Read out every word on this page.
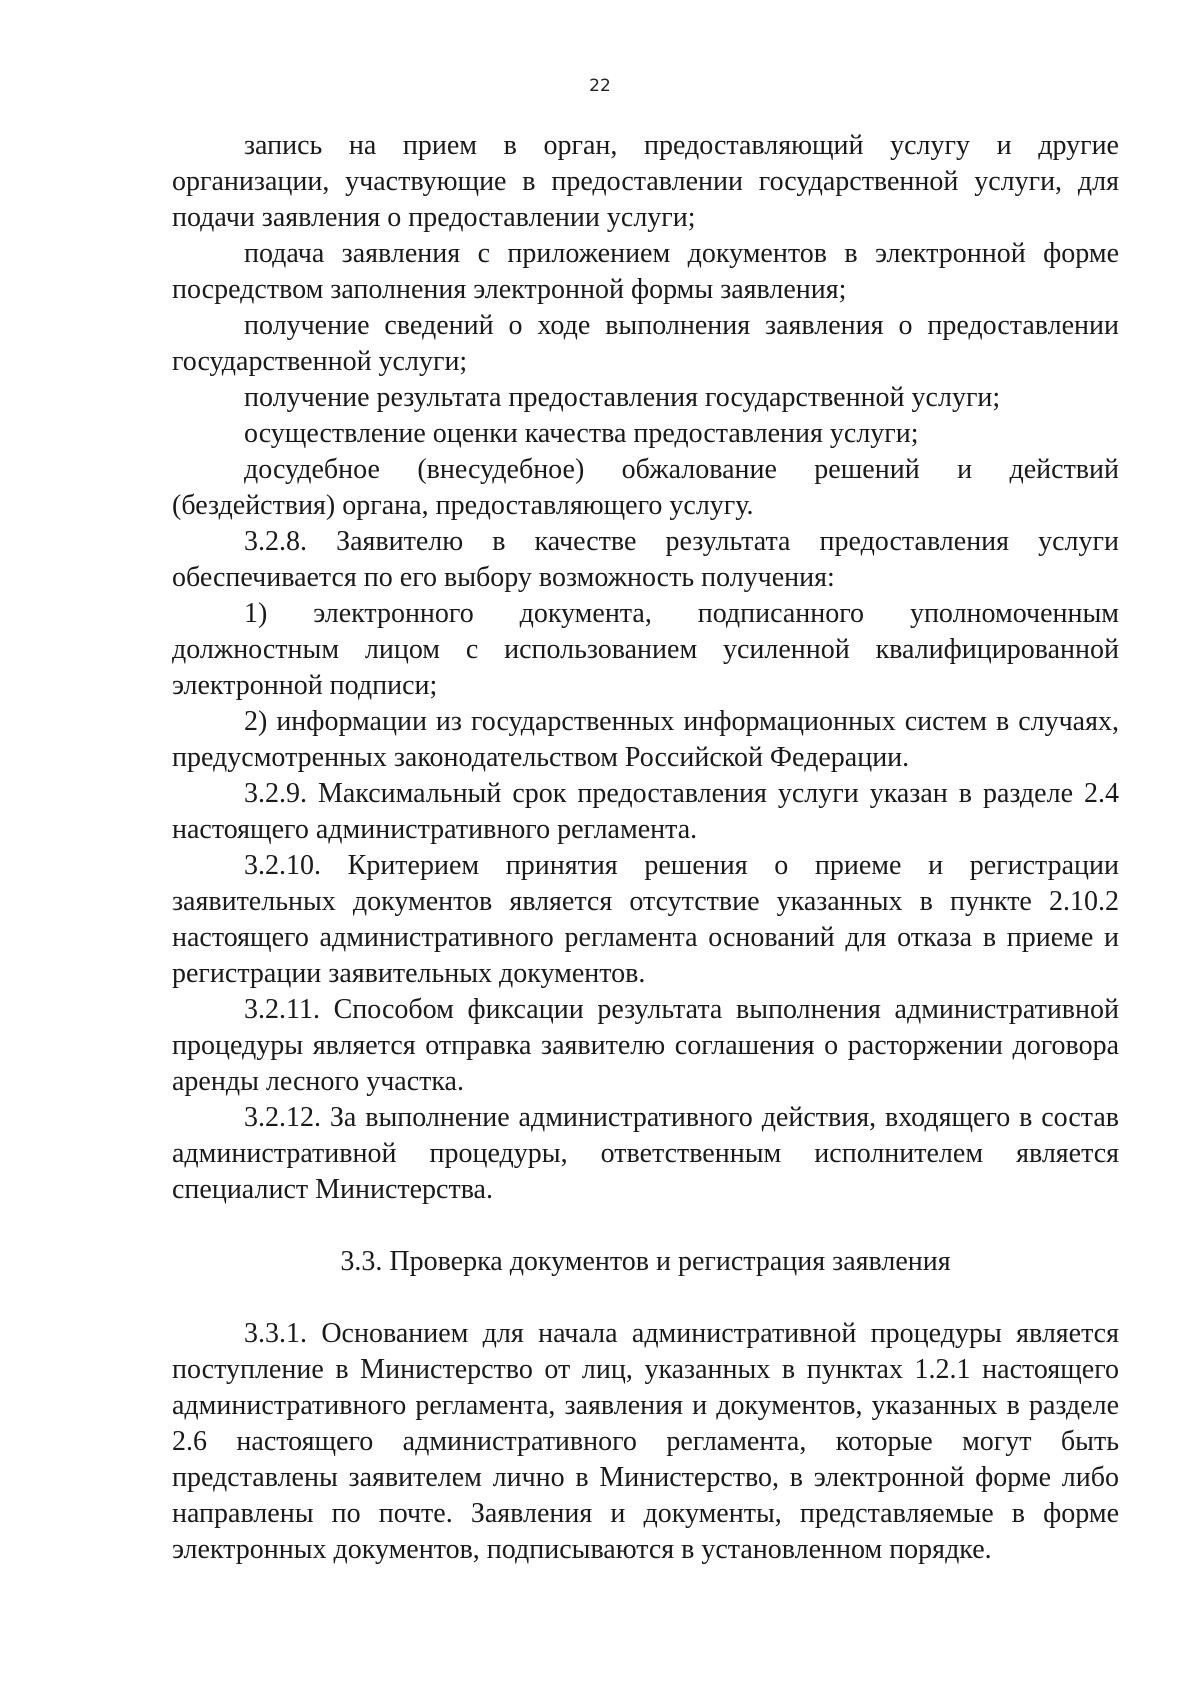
22

запись на прием в орган, предоставляющий услугу и другие организации, участвующие в предоставлении государственной услуги, для подачи заявления о предоставлении услуги;

подача заявления с приложением документов в электронной форме посредством заполнения электронной формы заявления;

получение сведений о ходе выполнения заявления о предоставлении государственной услуги;

получение результата предоставления государственной услуги;

осуществление оценки качества предоставления услуги;

досудебное (внесудебное) обжалование решений и действий (бездействия) органа, предоставляющего услугу.

3.2.8. Заявителю в качестве результата предоставления услуги обеспечивается по его выбору возможность получения:

1) электронного документа, подписанного уполномоченным должностным лицом с использованием усиленной квалифицированной электронной подписи;

2) информации из государственных информационных систем в случаях, предусмотренных законодательством Российской Федерации.

3.2.9. Максимальный срок предоставления услуги указан в разделе 2.4 настоящего административного регламента.

3.2.10. Критерием принятия решения о приеме и регистрации заявительных документов является отсутствие указанных в пункте 2.10.2 настоящего административного регламента оснований для отказа в приеме и регистрации заявительных документов.

3.2.11. Способом фиксации результата выполнения административной процедуры является отправка заявителю соглашения о расторжении договора аренды лесного участка.

3.2.12. За выполнение административного действия, входящего в состав административной процедуры, ответственным исполнителем является специалист Министерства.

3.3. Проверка документов и регистрация заявления

3.3.1. Основанием для начала административной процедуры является поступление в Министерство от лиц, указанных в пунктах 1.2.1 настоящего административного регламента, заявления и документов, указанных в разделе 2.6 настоящего административного регламента, которые могут быть представлены заявителем лично в Министерство, в электронной форме либо направлены по почте. Заявления и документы, представляемые в форме электронных документов, подписываются в установленном порядке.
